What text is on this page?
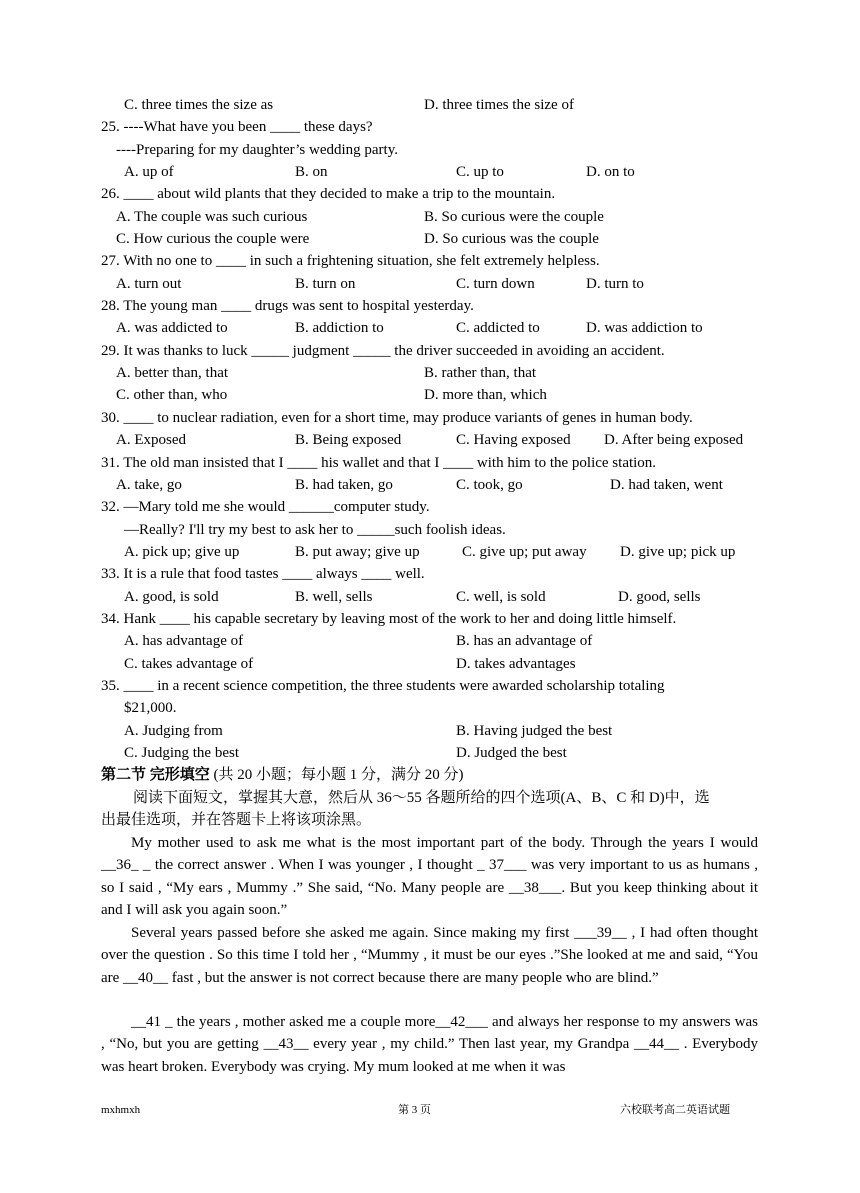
C. three times the size as	D. three times the size of
25. ----What have you been ____ these days?
----Preparing for my daughter’s wedding party.
A. up of	B. on	C. up to	D. on to
26. ____ about wild plants that they decided to make a trip to the mountain.
A. The couple was such curious	B. So curious were the couple
C. How curious the couple were	D. So curious was the couple
27. With no one to ____ in such a frightening situation, she felt extremely helpless.
A. turn out	B. turn on	C. turn down	D. turn to
28. The young man ____ drugs was sent to hospital yesterday.
A. was addicted to	B. addiction to	C. addicted to	D. was addiction to
29. It was thanks to luck _____ judgment _____ the driver succeeded in avoiding an accident.
A. better than, that	B. rather than, that
C. other than, who	D. more than, which
30. ____ to nuclear radiation, even for a short time, may produce variants of genes in human body.
A. Exposed	B. Being exposed	C. Having exposed D. After being exposed
31. The old man insisted that I ____ his wallet and that I ____ with him to the police station.
A. take, go	B. had taken, go	C. took, go	D. had taken, went
32. —Mary told me she would ______computer study.
—Really? I'll try my best to ask her to _____such foolish ideas.
A. pick up; give up	B. put away; give up	C. give up; put away D. give up; pick up
33. It is a rule that food tastes ____ always ____ well.
A. good, is sold	B. well, sells	C. well, is sold	D. good, sells
34. Hank ____ his capable secretary by leaving most of the work to her and doing little himself.
A. has advantage of	B. has an advantage of
C. takes advantage of	D. takes advantages
35. ____ in a recent science competition, the three students were awarded scholarship totaling
$21,000.
A. Judging from	B. Having judged the best
C. Judging the best	D. Judged the best
第二节 完形填空 (共 20 小题；每小题 1 分，满分 20 分)
阅读下面短文，掌握其大意，然后从 36～55 各题所给的四个选项(A、B、C 和 D)中，选
出最佳选项，并在答题卡上将该项涂黑。
My mother used to ask me what is the most important part of the body. Through the years I would __36_ _ the correct answer . When I was younger , I thought _ 37___ was very important to us as humans , so I said , “My ears , Mummy .” She said, “No. Many people are __38___. But you keep thinking about it and I will ask you again soon.”
Several years passed before she asked me again. Since making my first ___39__ , I had often thought over the question . So this time I told her , “Mummy , it must be our eyes .”She looked at me and said, “You are __40__ fast , but the answer is not correct because there are many people who are blind.”
__41 _ the years , mother asked me a couple more__42___ and always her response to my answers was , “No, but you are getting __43__ every year , my child.” Then last year, my Grandpa __44__ . Everybody was heart broken. Everybody was crying. My mum looked at me when it was
mxhmxh	第 3 页	六校联考高二英语试题
